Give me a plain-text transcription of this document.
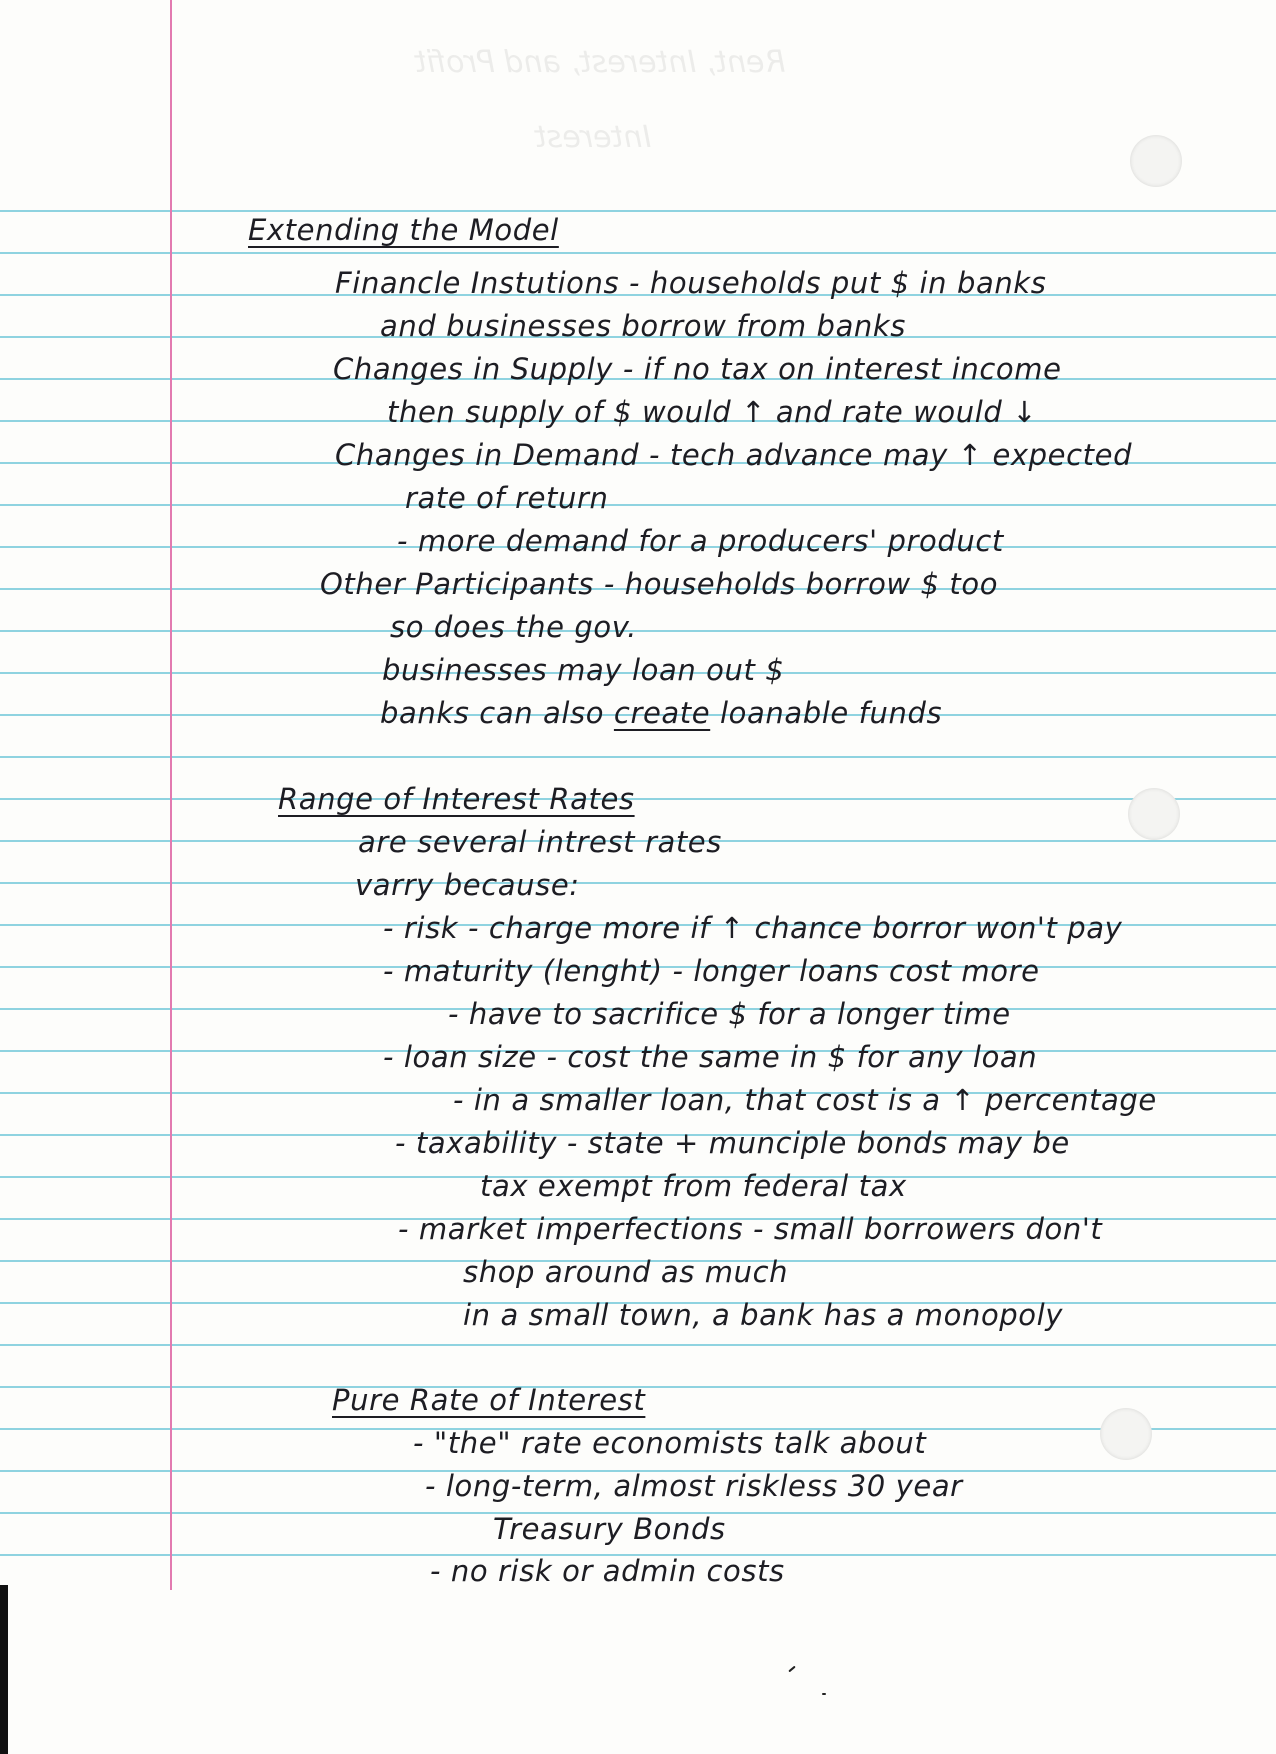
Rent, Interest, and Profit
Interest
Extending the Model
Financle Instutions - households put $ in banks
and businesses borrow from banks
Changes in Supply - if no tax on interest income
then supply of $ would ↑ and rate would ↓
Changes in Demand - tech advance may ↑ expected
rate of return
- more demand for a producers' product
Other Participants - households borrow $ too
so does the gov.
businesses may loan out $
banks can also create loanable funds
Range of Interest Rates
are several intrest rates
varry because:
- risk - charge more if ↑ chance borror won't pay
- maturity (lenght) - longer loans cost more
- have to sacrifice $ for a longer time
- loan size - cost the same in $ for any loan
- in a smaller loan, that cost is a ↑ percentage
- taxability - state + munciple bonds may be
tax exempt from federal tax
- market imperfections - small borrowers don't
shop around as much
in a small town, a bank has a monopoly
Pure Rate of Interest
- "the" rate economists talk about
- long-term, almost riskless 30 year
Treasury Bonds
- no risk or admin costs
